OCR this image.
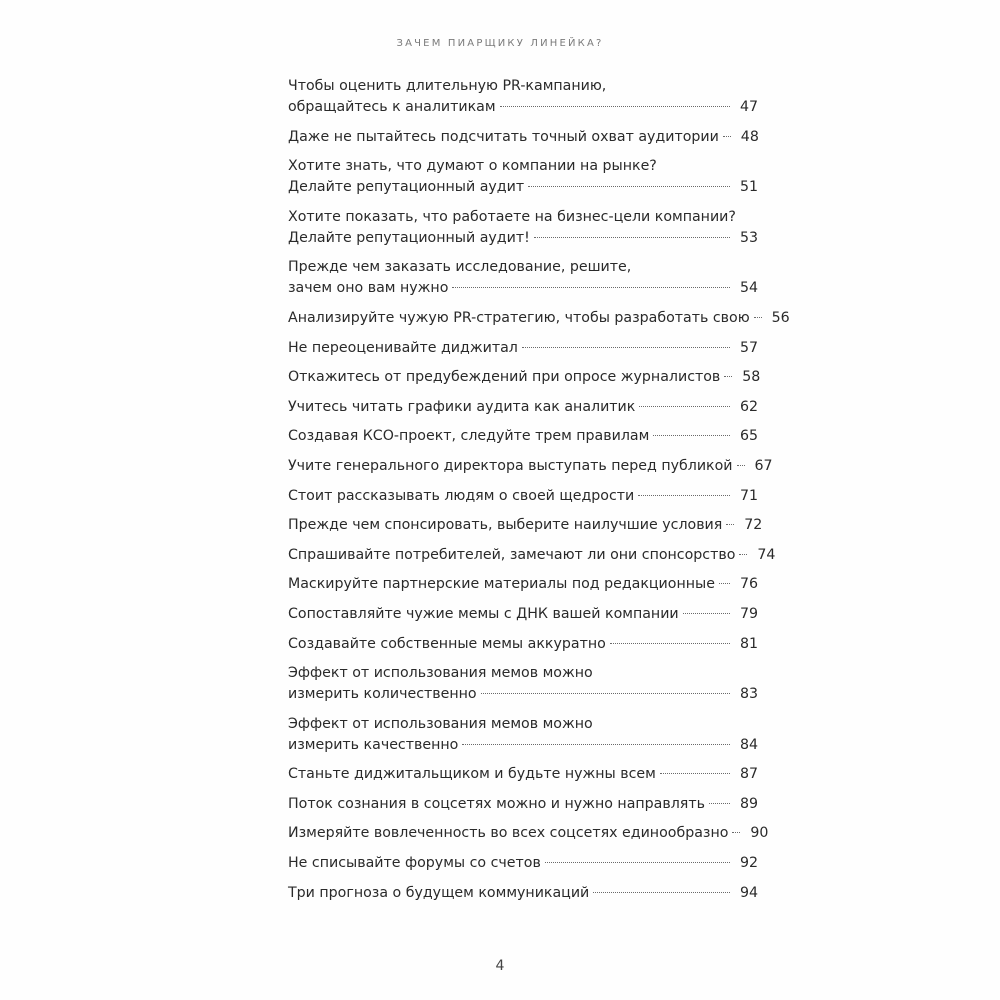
ЗАЧЕМ ПИАРЩИКУ ЛИНЕЙКА?
Чтобы оценить длительную PR-кампанию,
обращайтесь к аналитикам	47
Даже не пытайтесь подсчитать точный охват аудитории 48
Хотите знать, что думают о компании на рынке?
Делайте репутационный аудит	51
Хотите показать, что работаете на бизнес-цели компании?
Делайте репутационный аудит!	53
Прежде чем заказать исследование, решите,
зачем оно вам нужно	54
Анализируйте чужую PR-стратегию, чтобы разработать свою 56
Не переоценивайте диджитал	57
Откажитесь от предубеждений при опросе журналистов 58
Учитесь читать графики аудита как аналитик	62
Создавая КСО-проект, следуйте трем правилам	65
Учите генерального директора выступать перед публикой 67
Стоит рассказывать людям о своей щедрости	71
Прежде чем спонсировать, выберите наилучшие условия 72
Спрашивайте потребителей, замечают ли они спонсорство 74
Маскируйте партнерские материалы под редакционные 76
Сопоставляйте чужие мемы с ДНК вашей компании	79
Создавайте собственные мемы аккуратно	81
Эффект от использования мемов можно
измерить количественно	83
Эффект от использования мемов можно
измерить качественно	84
Станьте диджитальщиком и будьте нужны всем	87
Поток сознания в соцсетях можно и нужно направлять 89
Измеряйте вовлеченность во всех соцсетях единообразно 90
Не списывайте форумы со счетов	92
Три прогноза о будущем коммуникаций	94
4
